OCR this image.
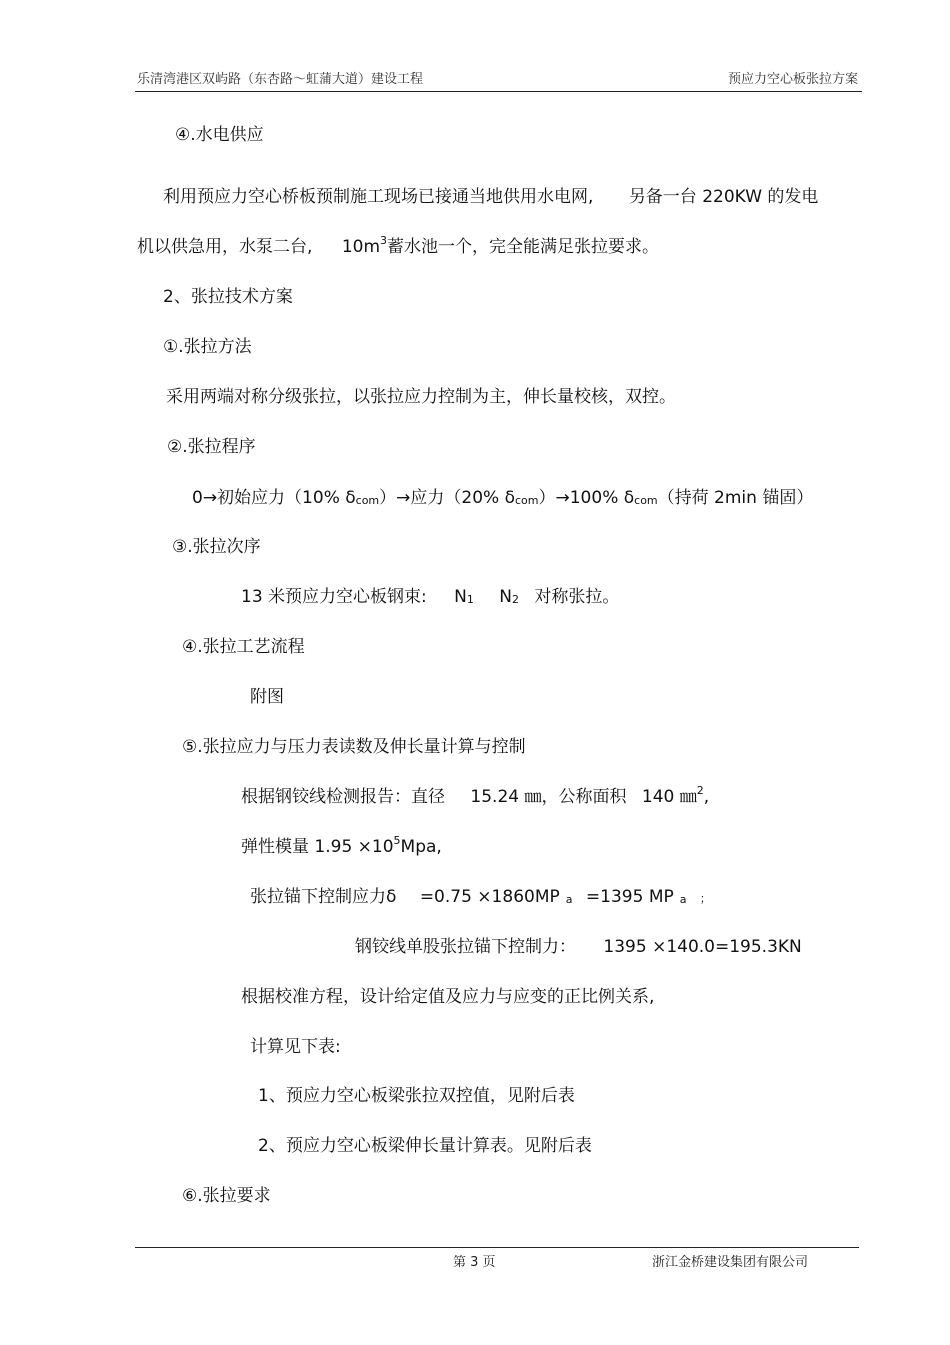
乐清湾港区双屿路（东杏路～虹蒲大道）建设工程	预应力空心板张拉方案
④.水电供应
利用预应力空心桥板预制施工现场已接通当地供用水电网, 另备一台 220KW 的发电
机以供急用，水泵二台, $10m^3$蓄水池一个，完全能满足张拉要求。
2、张拉技术方案
①.张拉方法
采用两端对称分级张拉，以张拉应力控制为主，伸长量校核，双控。
②.张拉程序
0→初始应力（10% δcom）→应力（20% δcom）→100% δcom（持荷 2min 锚固）
③.张拉次序
13 米预应力空心板钢束: N1 N2 对称张拉。
④.张拉工艺流程
附图
⑤.张拉应力与压力表读数及伸长量计算与控制
根据钢铰线检测报告：直径 15.24 ㎜，公称面积 140 ㎜$^2$,
弹性模量 $1.95 \times 10^5Mpa$,
张拉锚下控制应力δ =0.75 ×1860MP a =1395 MP a ；
钢铰线单股张拉锚下控制力： 1395 ×140.0=195.3KN
根据校准方程，设计给定值及应力与应变的正比例关系,
计算见下表:
1、预应力空心板梁张拉双控值，见附后表
2、预应力空心板梁伸长量计算表。见附后表
⑥.张拉要求
第 3 页	浙江金桥建设集团有限公司
